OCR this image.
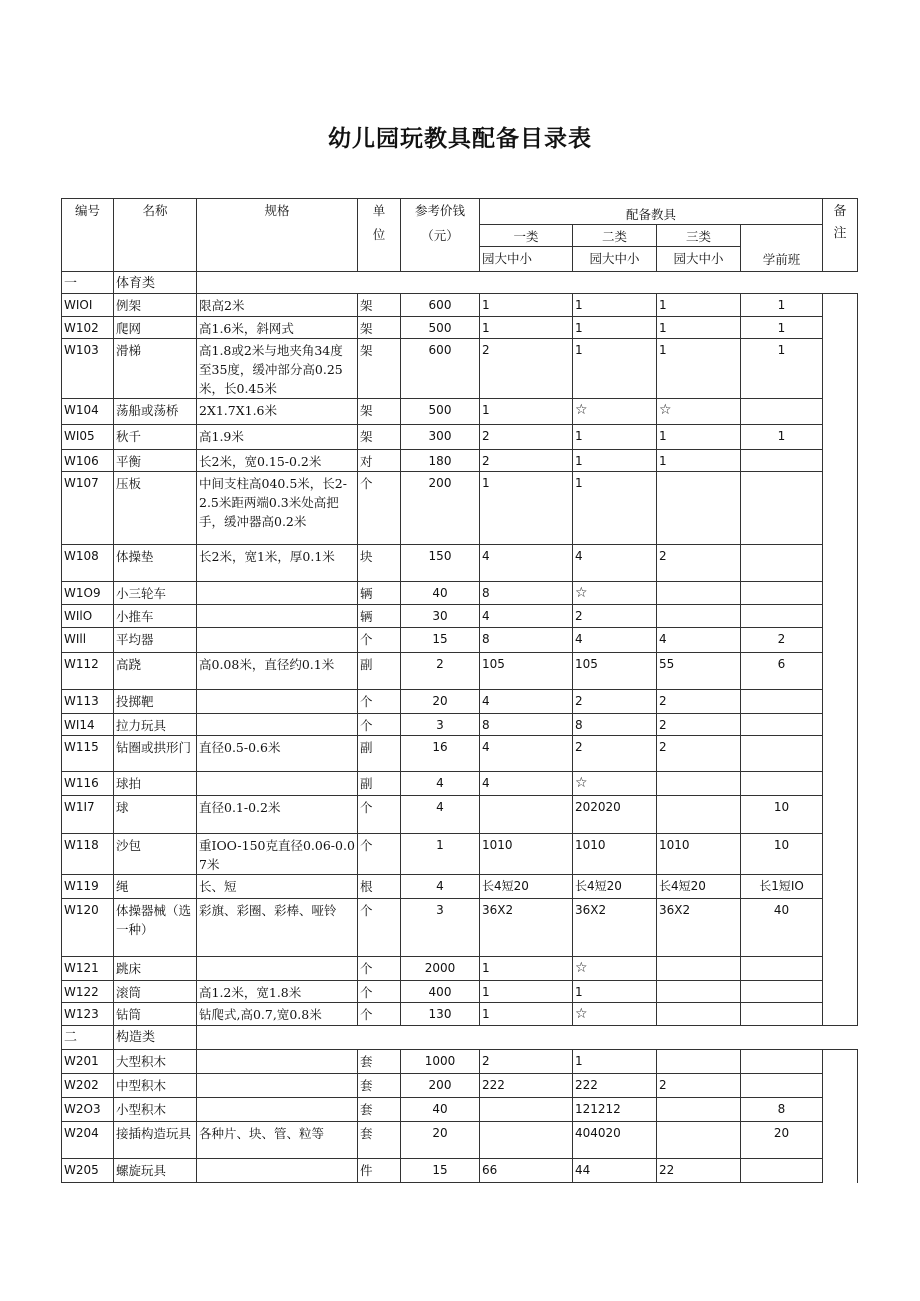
幼儿园玩教具配备目录表
编号	名称	规格	单位	参考价钱
（元）	配备教具				备注
					一类	二类	三类	学前班	
					园大中小	园大中小	园大中小		
一	体育类								
WIOI	例架	限高2米	架	600	1	1	1	1	
W102	爬网	高1.6米，斜网式	架	500	1	1	1	1	
W103	滑梯	高1.8或2米与地夹角34度至35度，缓冲部分高0.25米，长0.45米	架	600	2	1	1	1	
W104	荡船或荡桥	2X1.7X1.6米	架	500	1	☆	☆		
WI05	秋千	高1.9米	架	300	2	1	1	1	
W106	平衡	长2米，宽0.15-0.2米	对	180	2	1	1		
W107	压板	中间支柱高040.5米，长2-2.5米距两端0.3米处高把手，缓冲器高0.2米	个	200	1	1			
W108	体操垫	长2米，宽1米，厚0.1米	块	150	4	4	2		
W1O9	小三轮车		辆	40	8	☆			
WIlO	小推车		辆	30	4	2			
WIll	平均器		个	15	8	4	4	2	
W112	高跷	高0.08米，直径约0.1米	副	2	105	105	55	6	
W113	投掷靶		个	20	4	2	2		
WI14	拉力玩具		个	3	8	8	2		
W115	钻圈或拱形门	直径0.5-0.6米	副	16	4	2	2		
W116	球拍		副	4	4	☆			
W1I7	球	直径0.1-0.2米	个	4		202020		10	
W118	沙包	重IOO-150克直径0.06-0.07米	个	1	1010	1010	1010	10	
W119	绳	长、短	根	4	长4短20	长4短20	长4短20	长1短IO	
W120	体操器械（选一种）	彩旗、彩圈、彩棒、哑铃	个	3	36X2	36X2	36X2	40	
W121	跳床		个	2000	1	☆			
W122	滚筒	高1.2米，宽1.8米	个	400	1	1			
W123	钻筒	钻爬式,高0.7,宽0.8米	个	130	1	☆			
二	构造类								
W201	大型积木		套	1000	2	1			
W202	中型积木		套	200	222	222	2		
W2O3	小型积木		套	40		121212		8	
W204	接插构造玩具	各种片、块、管、粒等	套	20		404020		20	
W205	螺旋玩具		件	15	66	44	22		
